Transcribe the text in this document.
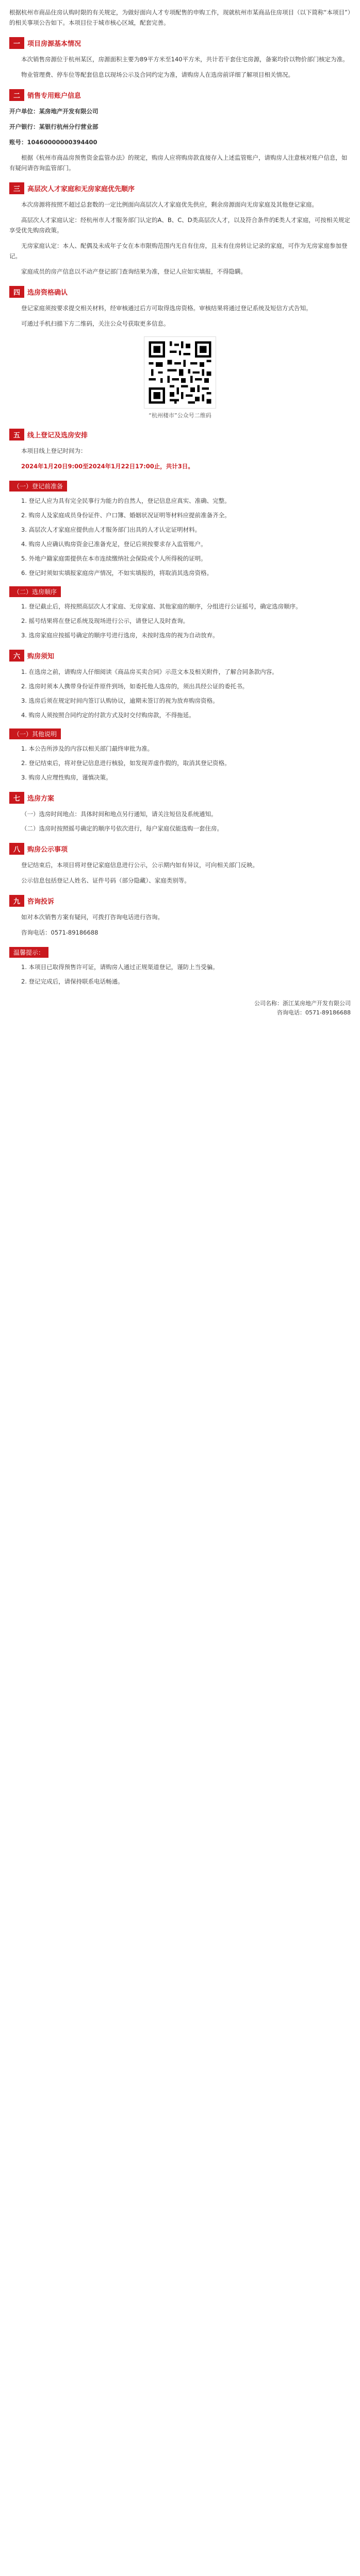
根据杭州市商品住房认购时限的有关规定，为做好面向人才专项配售的申购工作，现就杭州市某商品住房项目（以下简称“本项目”）的相关事项公告如下。本项目位于城市核心区域，配套完善。

一	项目房源基本情况

本次销售房源位于杭州某区，房源面积主要为89平方米至140平方米，共计若干套住宅房源，备案均价以物价部门核定为准。

物业管理费、停车位等配套信息以现场公示及合同约定为准，请购房人在选房前详细了解项目相关情况。

二	销售专用账户信息

开户单位：某房地产开发有限公司

开户银行：某银行杭州分行营业部

账号：10460000000394400

根据《杭州市商品房预售资金监管办法》的规定，购房人应将购房款直接存入上述监管账户，请购房人注意核对账户信息，如有疑问请咨询监管部门。

三	高层次人才家庭和无房家庭优先顺序

本次房源将按照不超过总套数的一定比例面向高层次人才家庭优先供应，剩余房源面向无房家庭及其他登记家庭。

高层次人才家庭认定：经杭州市人才服务部门认定的A、B、C、D类高层次人才，以及符合条件的E类人才家庭，可按相关规定享受优先购房政策。

无房家庭认定：本人、配偶及未成年子女在本市限购范围内无自有住房，且未有住房转让记录的家庭，可作为无房家庭参加登记。

家庭成员的房产信息以不动产登记部门查询结果为准，登记人应如实填报，不得隐瞒。

四	选房资格确认

登记家庭须按要求提交相关材料，经审核通过后方可取得选房资格。审核结果将通过登记系统及短信方式告知。

可通过手机扫描下方二维码，关注公众号获取更多信息。

“杭州楼市”公众号二维码
五	线上登记及选房安排

本项目线上登记时间为：

2024年1月20日9:00至2024年1月22日17:00止，共计3日。

（一）登记前准备

1. 登记人应为具有完全民事行为能力的自然人，登记信息应真实、准确、完整。

2. 购房人及家庭成员身份证件、户口簿、婚姻状况证明等材料应提前准备齐全。

3. 高层次人才家庭应提供由人才服务部门出具的人才认定证明材料。

4. 购房人应确认购房资金已准备充足，登记后须按要求存入监管账户。

5. 外地户籍家庭需提供在本市连续缴纳社会保险或个人所得税的证明。

6. 登记时须如实填报家庭房产情况，不如实填报的，将取消其选房资格。

（二）选房顺序

1. 登记截止后，将按照高层次人才家庭、无房家庭、其他家庭的顺序，分组进行公证摇号，确定选房顺序。

2. 摇号结果将在登记系统及现场进行公示，请登记人及时查询。

3. 选房家庭应按摇号确定的顺序号进行选房，未按时选房的视为自动放弃。

六	购房须知

1. 在选房之前，请购房人仔细阅读《商品房买卖合同》示范文本及相关附件，了解合同条款内容。

2. 选房时须本人携带身份证件原件到场，如委托他人选房的，须出具经公证的委托书。

3. 选房后须在规定时间内签订认购协议，逾期未签订的视为放弃购房资格。

4. 购房人须按照合同约定的付款方式及时交付购房款，不得拖延。

（一）其他说明

1. 本公告所涉及的内容以相关部门最终审批为准。

2. 登记结束后，将对登记信息进行核验，如发现弄虚作假的，取消其登记资格。

3. 购房人应理性购房，谨慎决策。

七	选房方案

（一）选房时间地点：具体时间和地点另行通知，请关注短信及系统通知。

（二）选房时按照摇号确定的顺序号依次进行，每户家庭仅能选购一套住房。

八	购房公示事项

登记结束后，本项目将对登记家庭信息进行公示，公示期内如有异议，可向相关部门反映。

公示信息包括登记人姓名、证件号码（部分隐藏）、家庭类别等。

九	咨询投诉

如对本次销售方案有疑问，可拨打咨询电话进行咨询。

咨询电话：0571-89186688

温馨提示：

1. 本项目已取得预售许可证，请购房人通过正规渠道登记，谨防上当受骗。

2. 登记完成后，请保持联系电话畅通。

公司名称：浙江某房地产开发有限公司
咨询电话：0571-89186688
